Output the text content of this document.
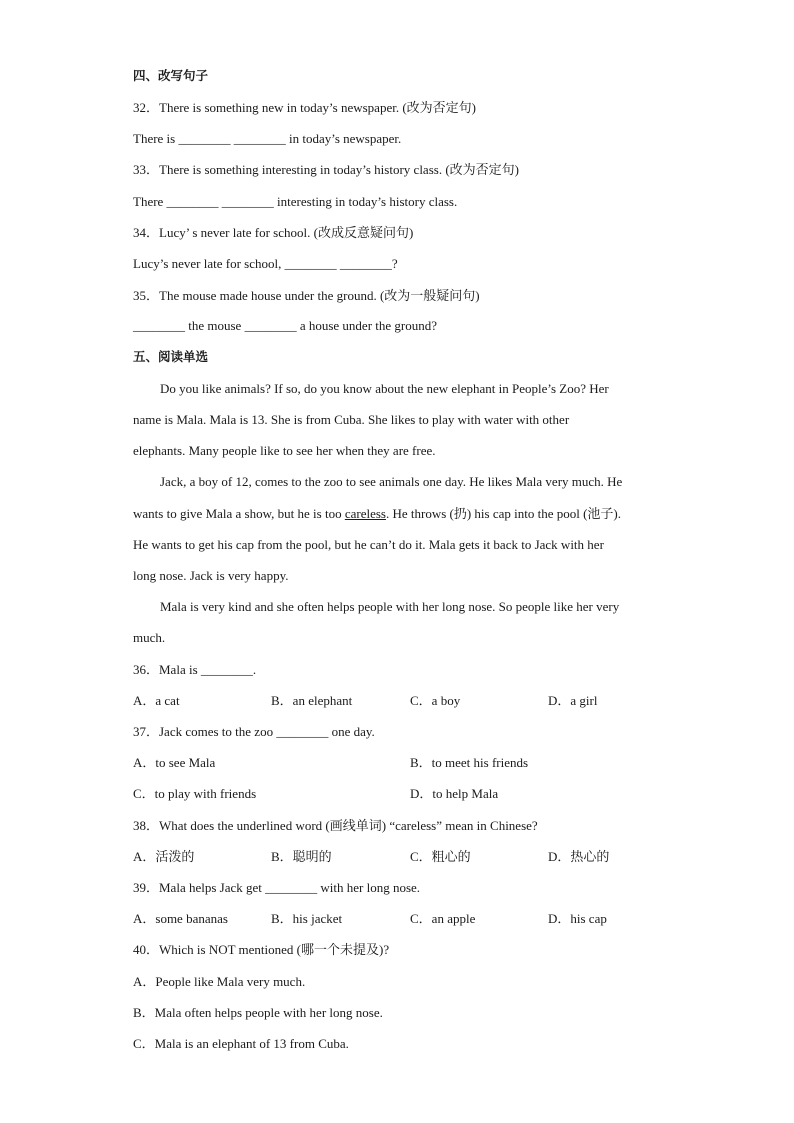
四、改写句子
32．There is something new in today’s newspaper. (改为否定句)
There is ________ ________ in today’s newspaper.
33．There is something interesting in today’s history class. (改为否定句)
There ________ ________ interesting in today’s history class.
34．Lucy’ s never late for school. (改成反意疑问句)
Lucy’s never late for school, ________ ________?
35．The mouse made house under the ground. (改为一般疑问句)
________ the mouse ________ a house under the ground?
五、阅读单选
Do you like animals? If so, do you know about the new elephant in People’s Zoo? Her
name is Mala. Mala is 13. She is from Cuba. She likes to play with water with other
elephants. Many people like to see her when they are free.
Jack, a boy of 12, comes to the zoo to see animals one day. He likes Mala very much. He
wants to give Mala a show, but he is too careless. He throws (扔) his cap into the pool (池子).
He wants to get his cap from the pool, but he can’t do it. Mala gets it back to Jack with her
long nose. Jack is very happy.
Mala is very kind and she often helps people with her long nose. So people like her very
much.
36．Mala is ________.
A．a cat	B．an elephant	C．a boy	D．a girl
37．Jack comes to the zoo ________ one day.
A．to see Mala	B．to meet his friends
C．to play with friends	D．to help Mala
38．What does the underlined word (画线单词) “careless” mean in Chinese?
A．活泼的	B．聪明的	C．粗心的	D．热心的
39．Mala helps Jack get ________ with her long nose.
A．some bananas	B．his jacket	C．an apple	D．his cap
40．Which is NOT mentioned (哪一个未提及)?
A．People like Mala very much.
B．Mala often helps people with her long nose.
C．Mala is an elephant of 13 from Cuba.
